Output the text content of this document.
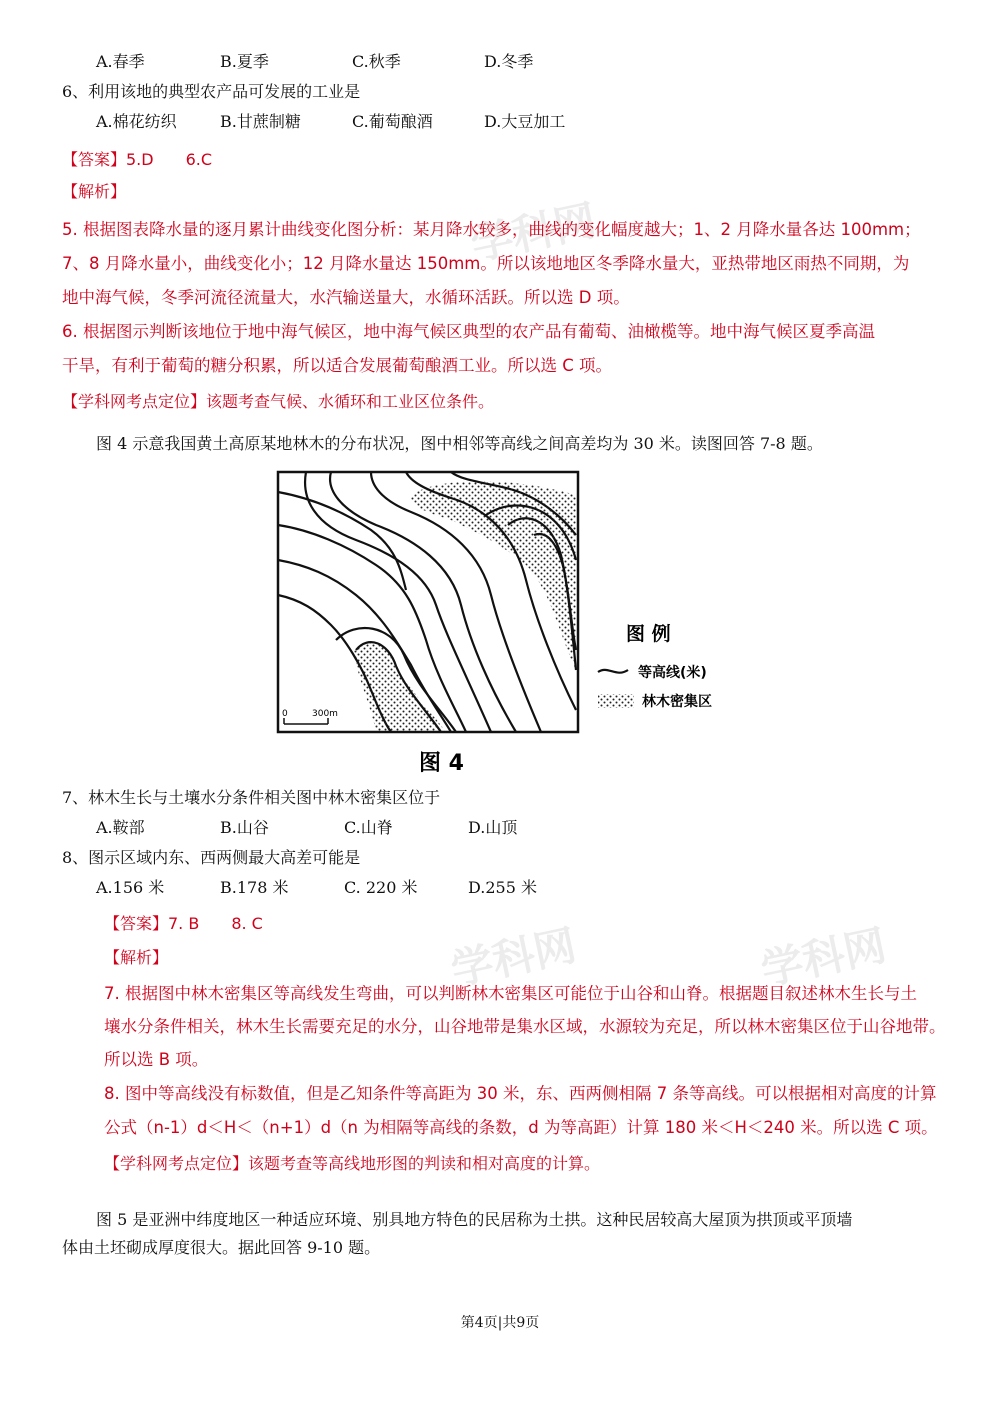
学科网
学科网	学科网
A.春季	B.夏季	C.秋季	D.冬季
6、利用该地的典型农产品可发展的工业是
A.棉花纺织	B.甘蔗制糖	C.葡萄酿酒	D.大豆加工
【答案】5.D　　6.C
【解析】
5. 根据图表降水量的逐月累计曲线变化图分析：某月降水较多，曲线的变化幅度越大；1、2 月降水量各达 100mm；
7、8 月降水量小，曲线变化小；12 月降水量达 150mm。所以该地地区冬季降水量大，亚热带地区雨热不同期，为
地中海气候，冬季河流径流量大，水汽输送量大，水循环活跃。所以选 D 项。
6. 根据图示判断该地位于地中海气候区，地中海气候区典型的农产品有葡萄、油橄榄等。地中海气候区夏季高温
干旱，有利于葡萄的糖分积累，所以适合发展葡萄酿酒工业。所以选 C 项。
【学科网考点定位】该题考查气候、水循环和工业区位条件。
图 4 示意我国黄土高原某地林木的分布状况，图中相邻等高线之间高差均为 30 米。读图回答 7-8 题。
0	300m
图 例
等高线(米)
林木密集区
图 4
7、林木生长与土壤水分条件相关图中林木密集区位于
A.鞍部	B.山谷	C.山脊	D.山顶
8、图示区域内东、西两侧最大高差可能是
A.156 米	B.178 米	C. 220 米	D.255 米
【答案】7. B　　8. C
【解析】
7. 根据图中林木密集区等高线发生弯曲，可以判断林木密集区可能位于山谷和山脊。根据题目叙述林木生长与土
壤水分条件相关，林木生长需要充足的水分，山谷地带是集水区域，水源较为充足，所以林木密集区位于山谷地带。
所以选 B 项。
8. 图中等高线没有标数值，但是乙知条件等高距为 30 米，东、西两侧相隔 7 条等高线。可以根据相对高度的计算
公式（n-1）d＜H＜（n+1）d（n 为相隔等高线的条数，d 为等高距）计算 180 米＜H＜240 米。所以选 C 项。
【学科网考点定位】该题考查等高线地形图的判读和相对高度的计算。
图 5 是亚洲中纬度地区一种适应环境、别具地方特色的民居称为土拱。这种民居较高大屋顶为拱顶或平顶墙
体由土坯砌成厚度很大。据此回答 9-10 题。
第4页|共9页
